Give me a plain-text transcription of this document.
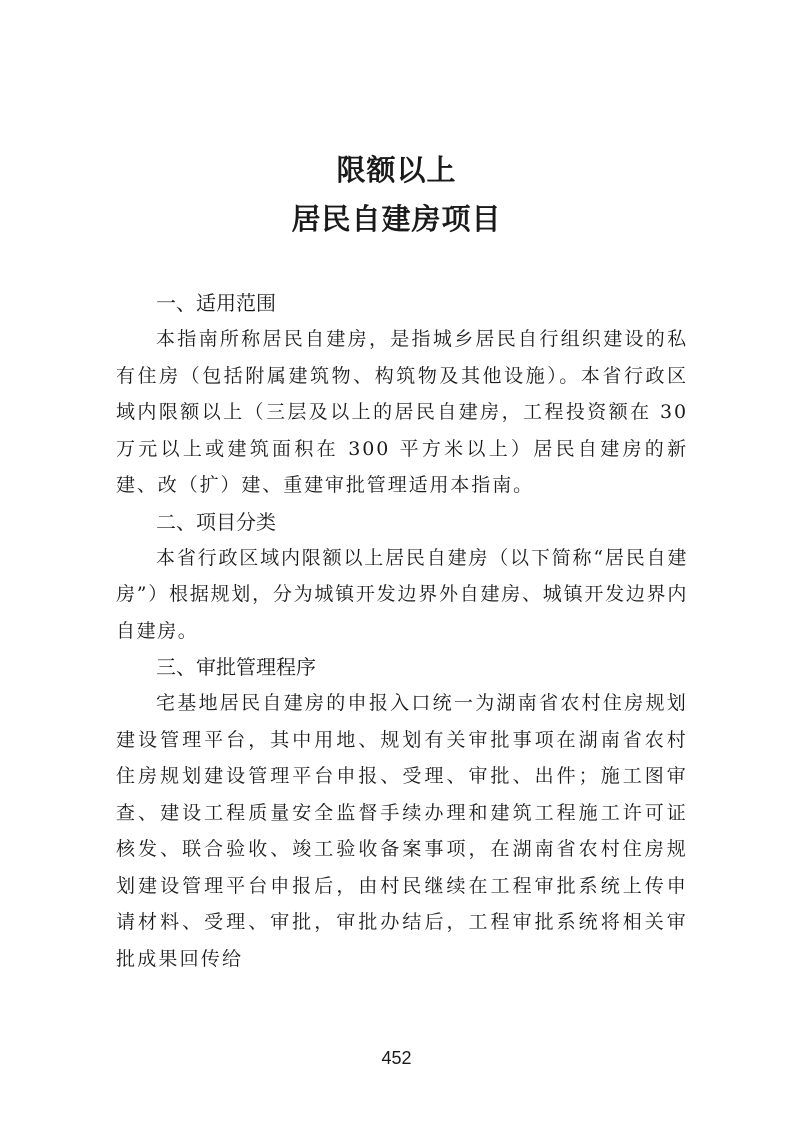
限额以上
居民自建房项目
一、适用范围
本指南所称居民自建房，是指城乡居民自行组织建设的私有住房（包括附属建筑物、构筑物及其他设施）。本省行政区域内限额以上（三层及以上的居民自建房，工程投资额在 30 万元以上或建筑面积在 300 平方米以上）居民自建房的新建、改（扩）建、重建审批管理适用本指南。
二、项目分类
本省行政区域内限额以上居民自建房（以下简称“居民自建房”）根据规划，分为城镇开发边界外自建房、城镇开发边界内自建房。
三、审批管理程序
宅基地居民自建房的申报入口统一为湖南省农村住房规划建设管理平台，其中用地、规划有关审批事项在湖南省农村住房规划建设管理平台申报、受理、审批、出件；施工图审查、建设工程质量安全监督手续办理和建筑工程施工许可证核发、联合验收、竣工验收备案事项，在湖南省农村住房规划建设管理平台申报后，由村民继续在工程审批系统上传申请材料、受理、审批，审批办结后，工程审批系统将相关审批成果回传给
452
